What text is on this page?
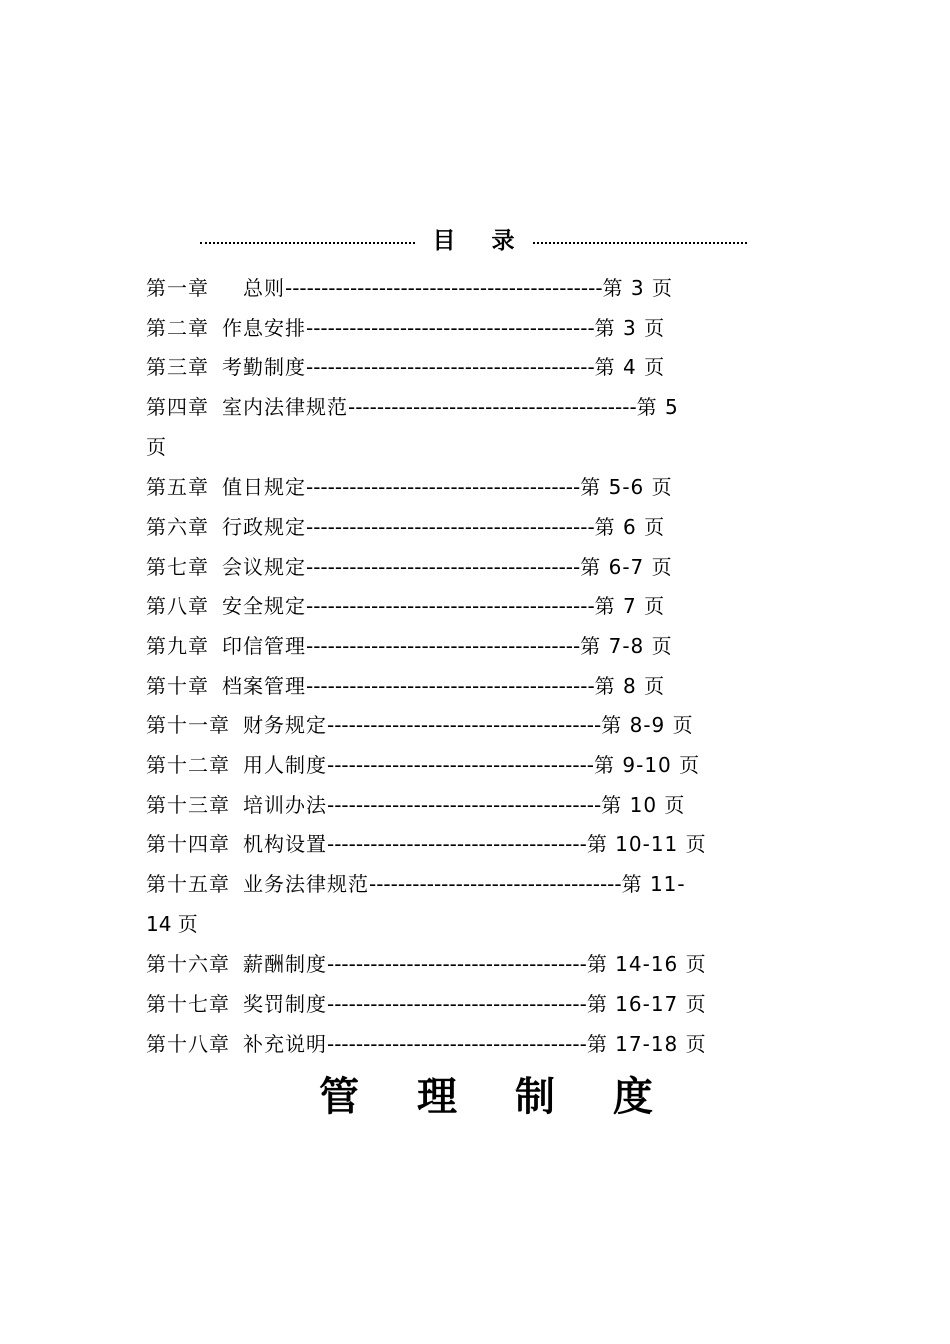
目 录
第一章　总则--------------------------------------------第 3 页
第二章 作息安排----------------------------------------第 3 页
第三章 考勤制度----------------------------------------第 4 页
第四章 室内法律规范----------------------------------------第 5
页
第五章 值日规定--------------------------------------第 5-6 页
第六章 行政规定----------------------------------------第 6 页
第七章 会议规定--------------------------------------第 6-7 页
第八章 安全规定----------------------------------------第 7 页
第九章 印信管理--------------------------------------第 7-8 页
第十章 档案管理----------------------------------------第 8 页
第十一章 财务规定--------------------------------------第 8-9 页
第十二章 用人制度-------------------------------------第 9-10 页
第十三章 培训办法--------------------------------------第 10 页
第十四章 机构设置------------------------------------第 10-11 页
第十五章 业务法律规范-----------------------------------第 11-
14 页
第十六章 薪酬制度------------------------------------第 14-16 页
第十七章 奖罚制度------------------------------------第 16-17 页
第十八章 补充说明------------------------------------第 17-18 页
管 理 制 度
